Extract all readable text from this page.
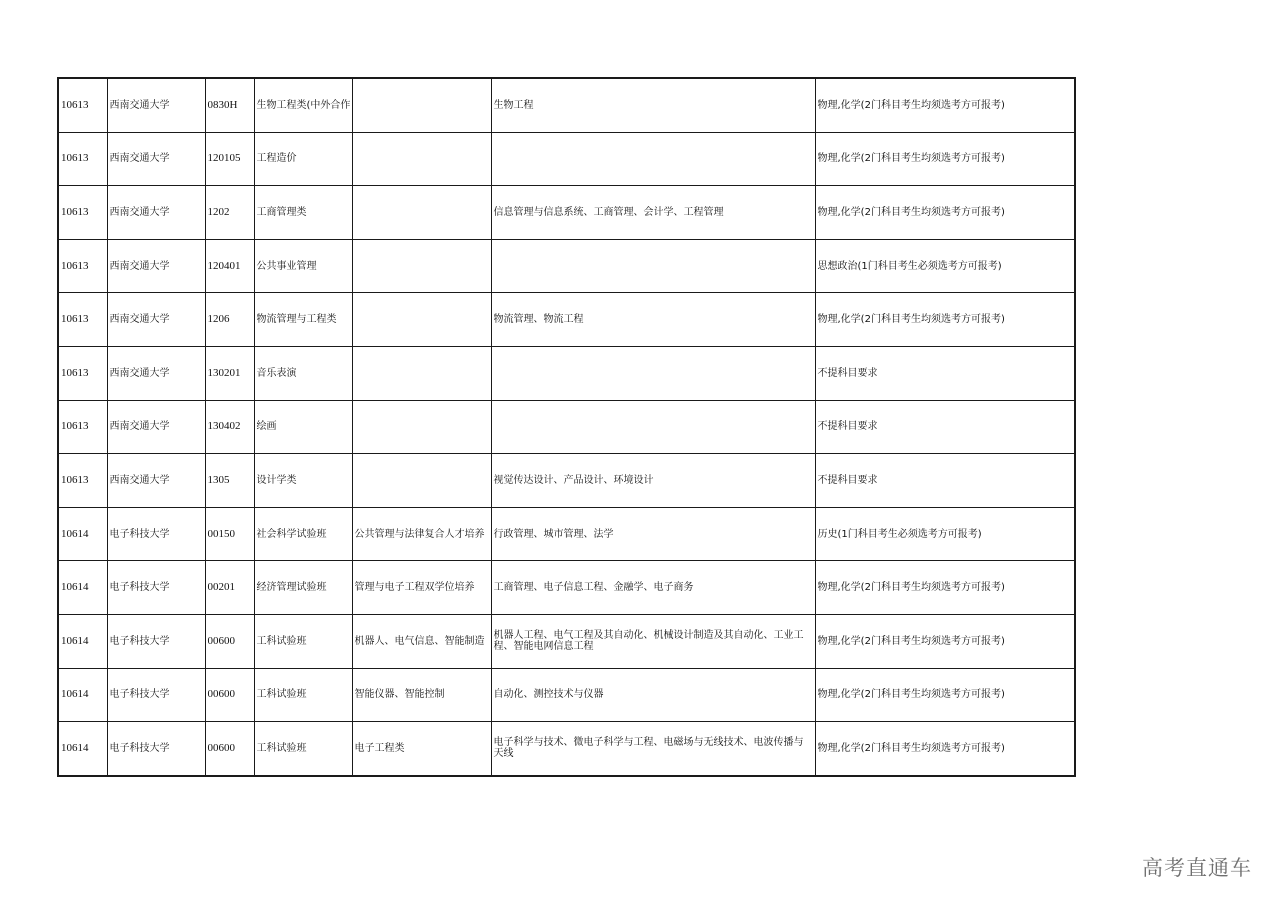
10613	西南交通大学	0830H	生物工程类(中外合作		生物工程	物理,化学(2门科目考生均须选考方可报考)
10613	西南交通大学	120105	工程造价			物理,化学(2门科目考生均须选考方可报考)
10613	西南交通大学	1202	工商管理类		信息管理与信息系统、工商管理、会计学、工程管理	物理,化学(2门科目考生均须选考方可报考)
10613	西南交通大学	120401	公共事业管理			思想政治(1门科目考生必须选考方可报考)
10613	西南交通大学	1206	物流管理与工程类		物流管理、物流工程	物理,化学(2门科目考生均须选考方可报考)
10613	西南交通大学	130201	音乐表演			不提科目要求
10613	西南交通大学	130402	绘画			不提科目要求
10613	西南交通大学	1305	设计学类		视觉传达设计、产品设计、环境设计	不提科目要求
10614	电子科技大学	00150	社会科学试验班	公共管理与法律复合人才培养	行政管理、城市管理、法学	历史(1门科目考生必须选考方可报考)
10614	电子科技大学	00201	经济管理试验班	管理与电子工程双学位培养	工商管理、电子信息工程、金融学、电子商务	物理,化学(2门科目考生均须选考方可报考)
10614	电子科技大学	00600	工科试验班	机器人、电气信息、智能制造	机器人工程、电气工程及其自动化、机械设计制造及其自动化、工业工程、智能电网信息工程	物理,化学(2门科目考生均须选考方可报考)
10614	电子科技大学	00600	工科试验班	智能仪器、智能控制	自动化、测控技术与仪器	物理,化学(2门科目考生均须选考方可报考)
10614	电子科技大学	00600	工科试验班	电子工程类	电子科学与技术、微电子科学与工程、电磁场与无线技术、电波传播与天线	物理,化学(2门科目考生均须选考方可报考)
高考直通车
